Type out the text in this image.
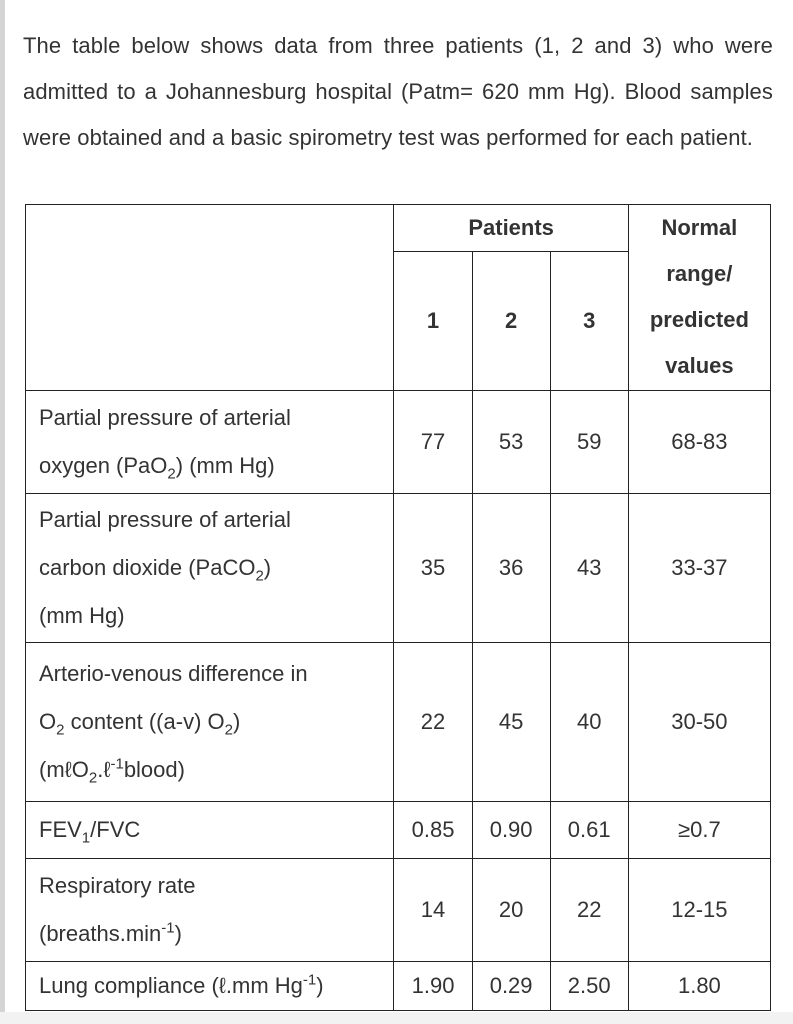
The table below shows data from three patients (1, 2 and 3) who were admitted to a Johannesburg hospital (Patm= 620 mm Hg). Blood samples were obtained and a basic spirometry test was performed for each patient.

	Patients			Normal
range/
predicted
values
	1	2	3	
Partial pressure of arterial
oxygen (PaO$_2$) (mm Hg)	77	53	59	68-83
Partial pressure of arterial
carbon dioxide (PaCO$_2$)
(mm Hg)	35	36	43	33-37
Arterio-venous difference in
$O_2$ content ((a-v) $O_2$)
(mℓO$_2$.ℓ$^{-1}$blood)	22	45	40	30-50
$FEV_1$/FVC	0.85	0.90	0.61	≥0.7
Respiratory rate
$(breaths.\min^{-1})$	14	20	22	12-15
Lung compliance (ℓ.mm $Hg^{-1}$)	1.90	0.29	2.50	1.80
